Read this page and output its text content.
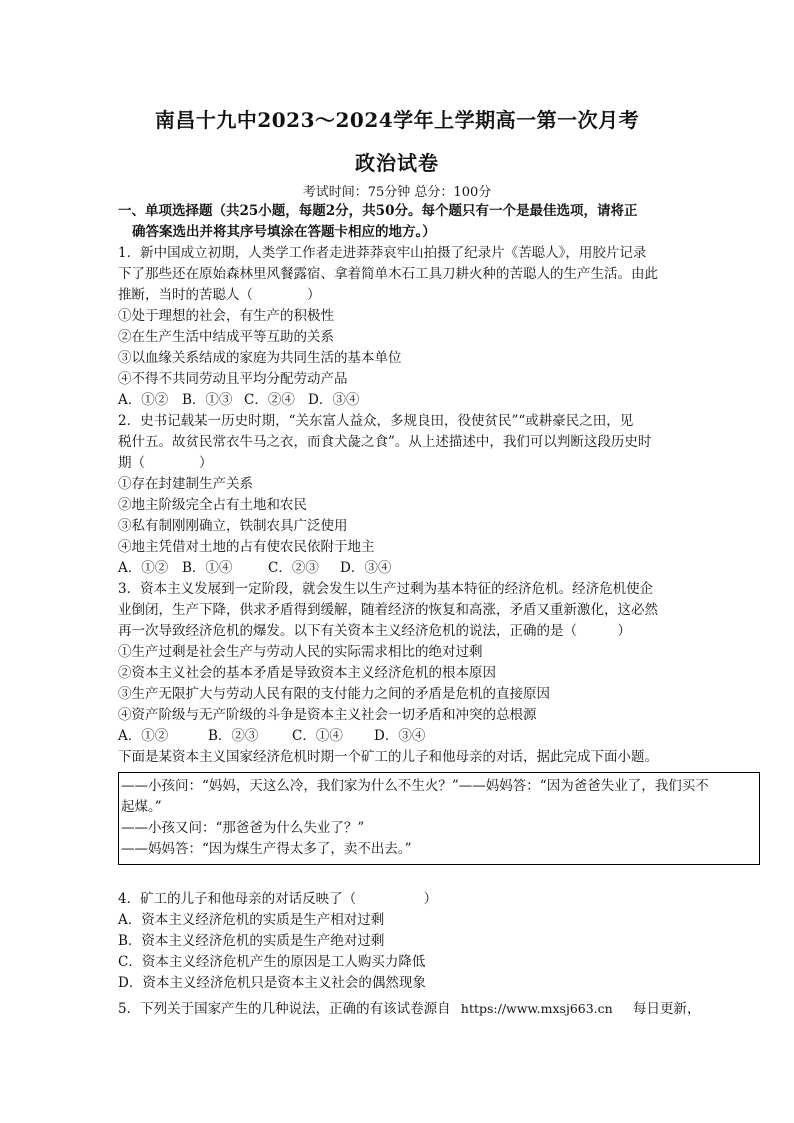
南昌十九中2023～2024学年上学期高一第一次月考
政治试卷
考试时间：75分钟 总分：100分
一、单项选择题（共25小题，每题2分，共50分。每个题只有一个是最佳选项，请将正
确答案选出并将其序号填涂在答题卡相应的地方。）
1．新中国成立初期，人类学工作者走进莽莽哀牢山拍摄了纪录片《苦聪人》，用胶片记录
下了那些还在原始森林里风餐露宿、拿着简单木石工具刀耕火种的苦聪人的生产生活。由此
推断，当时的苦聪人（　　　　）
①处于理想的社会，有生产的积极性
②在生产生活中结成平等互助的关系
③以血缘关系结成的家庭为共同生活的基本单位
④不得不共同劳动且平均分配劳动产品
A．①②	B．①③ C．②④ D．③④
2．史书记载某一历史时期，“关东富人益众，多规良田，役使贫民”“或耕豪民之田，见
税什五。故贫民常衣牛马之衣，而食犬彘之食”。从上述描述中，我们可以判断这段历史时
期（　　　　）
①存在封建制生产关系
②地主阶级完全占有土地和农民
③私有制刚刚确立，铁制农具广泛使用
④地主凭借对土地的占有使农民依附于地主
A．①②	B．①④	C．②③	D．③④
3．资本主义发展到一定阶段，就会发生以生产过剩为基本特征的经济危机。经济危机使企
业倒闭，生产下降，供求矛盾得到缓解，随着经济的恢复和高涨，矛盾又重新激化，这必然
再一次导致经济危机的爆发。以下有关资本主义经济危机的说法，正确的是（　　　）
①生产过剩是社会生产与劳动人民的实际需求相比的绝对过剩
②资本主义社会的基本矛盾是导致资本主义经济危机的根本原因
③生产无限扩大与劳动人民有限的支付能力之间的矛盾是危机的直接原因
④资产阶级与无产阶级的斗争是资本主义社会一切矛盾和冲突的总根源
A．①②	B．②③	C．①④	D．③④
下面是某资本主义国家经济危机时期一个矿工的儿子和他母亲的对话，据此完成下面小题。
——小孩问：“妈妈，天这么冷，我们家为什么不生火？”——妈妈答：“因为爸爸失业了，我们买不
起煤。”
——小孩又问：“那爸爸为什么失业了？”
——妈妈答：“因为煤生产得太多了，卖不出去。”
4．矿工的儿子和他母亲的对话反映了（　　　　　）
A．资本主义经济危机的实质是生产相对过剩
B．资本主义经济危机的实质是生产绝对过剩
C．资本主义经济危机产生的原因是工人购买力降低
D．资本主义经济危机只是资本主义社会的偶然现象
5．下列关于国家产生的几种说法，正确的有该试卷源自 https://www.mxsj663.cn 每日更新，
